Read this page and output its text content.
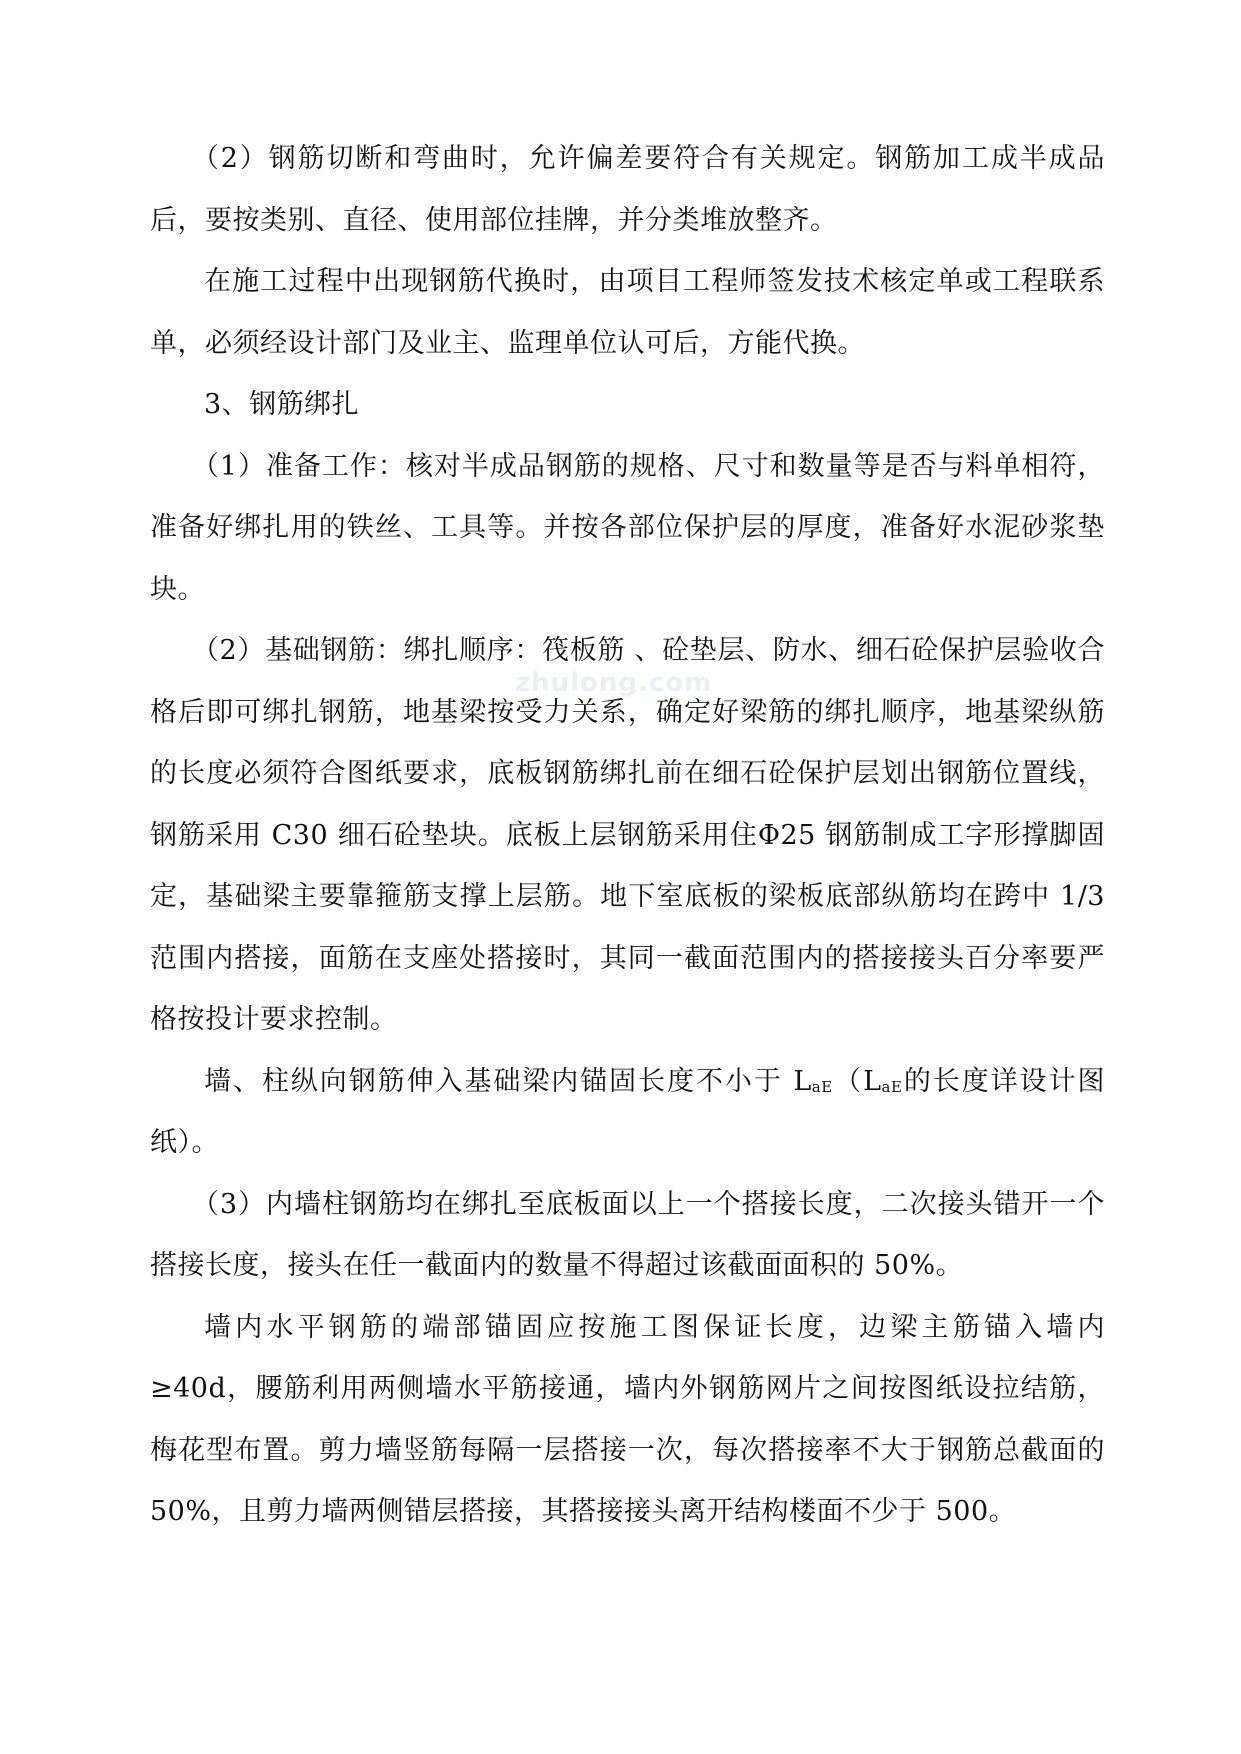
（2）钢筋切断和弯曲时，允许偏差要符合有关规定。钢筋加工成半成品后，要按类别、直径、使用部位挂牌，并分类堆放整齐。

在施工过程中出现钢筋代换时，由项目工程师签发技术核定单或工程联系单，必须经设计部门及业主、监理单位认可后，方能代换。

3、钢筋绑扎

（1）准备工作：核对半成品钢筋的规格、尺寸和数量等是否与料单相符，准备好绑扎用的铁丝、工具等。并按各部位保护层的厚度，准备好水泥砂浆垫块。

（2）基础钢筋：绑扎顺序：筏板筋 、砼垫层、防水、细石砼保护层验收合格后即可绑扎钢筋，地基梁按受力关系，确定好梁筋的绑扎顺序，地基梁纵筋的长度必须符合图纸要求，底板钢筋绑扎前在细石砼保护层划出钢筋位置线，钢筋采用 C30 细石砼垫块。底板上层钢筋采用住Φ25 钢筋制成工字形撑脚固定，基础梁主要靠箍筋支撑上层筋。地下室底板的梁板底部纵筋均在跨中 1/3 范围内搭接，面筋在支座处搭接时，其同一截面范围内的搭接接头百分率要严格按投计要求控制。

墙、柱纵向钢筋伸入基础梁内锚固长度不小于 $L_{aE}(L_{aE}$的长度详设计图纸）。

（3）内墙柱钢筋均在绑扎至底板面以上一个搭接长度，二次接头错开一个搭接长度，接头在任一截面内的数量不得超过该截面面积的 50%。

墙内水平钢筋的端部锚固应按施工图保证长度，边梁主筋锚入墙内≥40d，腰筋利用两侧墙水平筋接通，墙内外钢筋网片之间按图纸设拉结筋，梅花型布置。剪力墙竖筋每隔一层搭接一次，每次搭接率不大于钢筋总截面的 50%，且剪力墙两侧错层搭接，其搭接接头离开结构楼面不少于 500。

zhulong.com
